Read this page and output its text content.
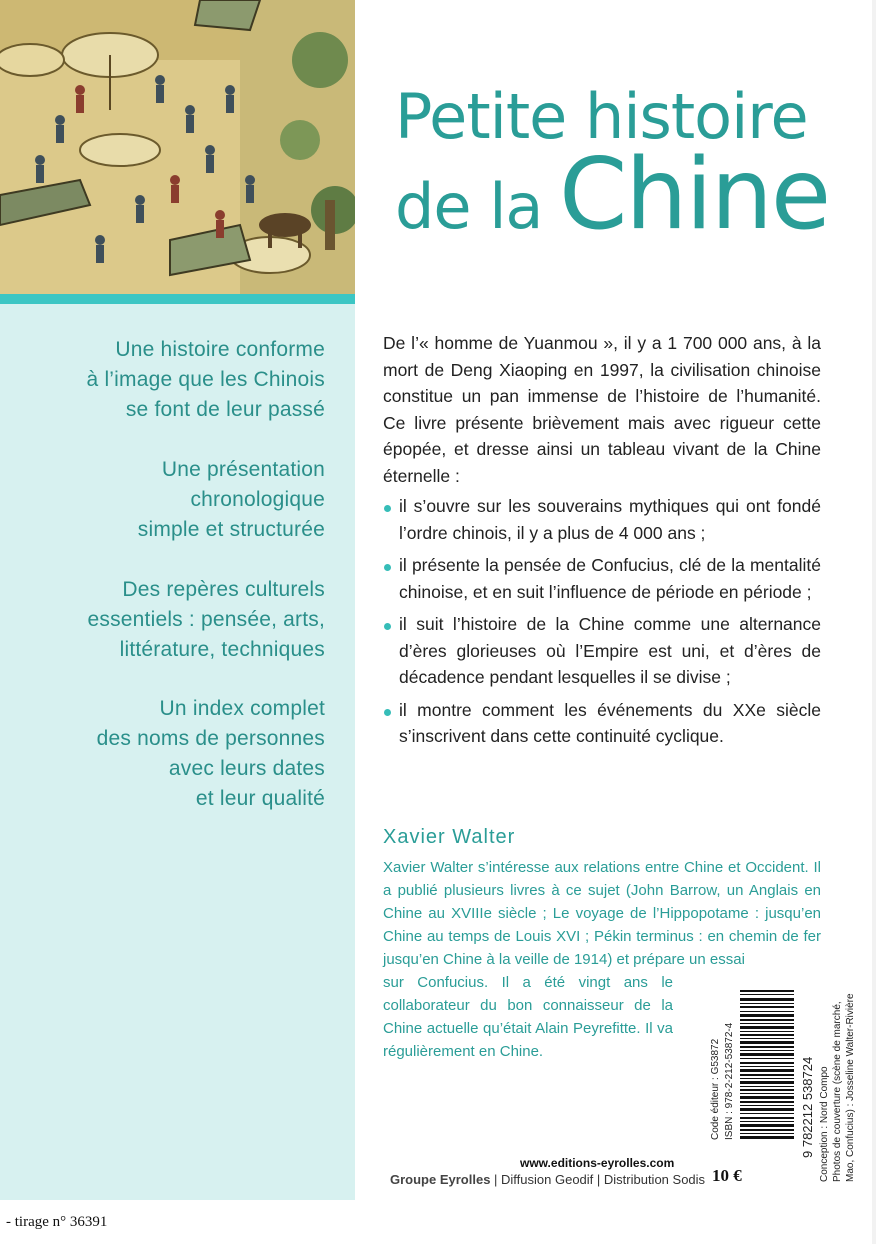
Une histoire conforme
à l’image que les Chinois
se font de leur passé
Une présentation
chronologique
simple et structurée
Des repères culturels
essentiels : pensée, arts,
littérature, techniques
Un index complet
des noms de personnes
avec leurs dates
et leur qualité
- tirage n° 36391
Petite histoire
de la Chine
De l’« homme de Yuanmou », il y a 1 700 000 ans, à la mort de Deng Xiaoping en 1997, la civilisation chinoise constitue un pan immense de l’histoire de l’humanité. Ce livre présente brièvement mais avec rigueur cette épopée, et dresse ainsi un tableau vivant de la Chine éternelle :
il s’ouvre sur les souverains mythiques qui ont fondé l’ordre chinois, il y a plus de 4 000 ans ;
il présente la pensée de Confucius, clé de la mentalité chinoise, et en suit l’influence de période en période ;
il suit l’histoire de la Chine comme une alternance d’ères glorieuses où l’Empire est uni, et d’ères de décadence pendant lesquelles il se divise ;
il montre comment les événements du XXe siècle s’inscrivent dans cette continuité cyclique.
Xavier Walter
Xavier Walter s’intéresse aux relations entre Chine et Occident. Il a publié plusieurs livres à ce sujet (John Barrow, un Anglais en Chine au XVIIIe siècle ; Le voyage de l’Hippopotame : jusqu’en Chine au temps de Louis XVI ; Pékin terminus : en chemin de fer jusqu’en Chine à la veille de 1914) et prépare un essai
sur Confucius. Il a été vingt ans le collaborateur du bon connaisseur de la Chine actuelle qu’était Alain Peyrefitte. Il va régulièrement en Chine.	Code éditeur : G53872 ISBN : 978-2-212-53872-4	9 782212 538724 Conception : Nord Compo Photos de couverture (scène de marché, Mao, Confucius) : Josseline Walter-Rivière
www.editions-eyrolles.com
Groupe Eyrolles | Diffusion Geodif | Distribution Sodis 10 €
